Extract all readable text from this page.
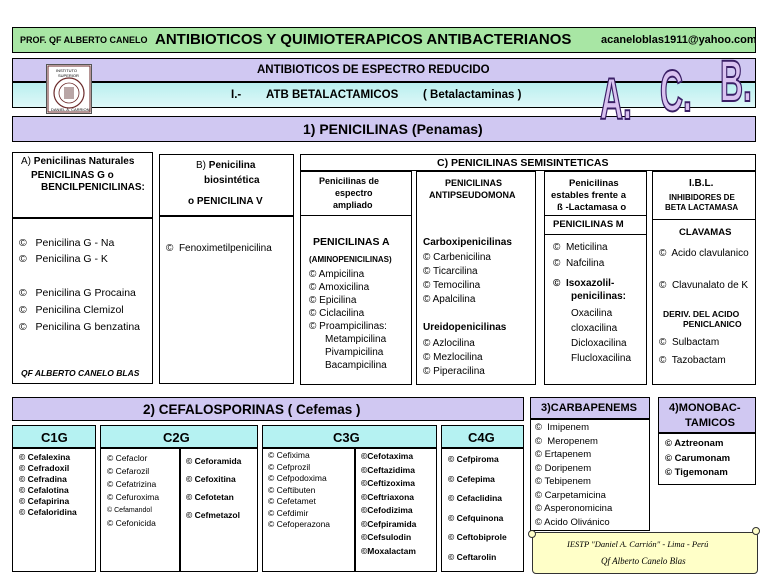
PROF. QF ALBERTO CANELO ANTIBIOTICOS Y QUIMIOTERAPICOS ANTIBACTERIANOS	acaneloblas1911@yahoo.com
ANTIBIOTICOS DE ESPECTRO REDUCIDO
I.- ATB BETALACTAMICOS ( Betalactaminas )
INSTITUTO
SUPERIOR
DANIEL A. CARRION
1) PENICILINAS (Penamas) A. C. B.
A) Penicilinas Naturales
PENICILINAS G o
BENCILPENICILINAS:
© Penicilina G - Na
© Penicilina G - K
© Penicilina G Procaina
© Penicilina Clemizol
© Penicilina G benzatina
QF ALBERTO CANELO BLAS
B) Penicilina
biosintética
o PENICILINA V
© Fenoximetilpenicilina
C) PENICILINAS SEMISINTETICAS
Penicilinas de
espectro
ampliado
PENICILINAS A
(AMINOPENICILINAS)
© Ampicilina
© Amoxicilina
© Epicilina
© Ciclacilina
© Proampicilinas:
Metampicilina
Pivampicilina
Bacampicilina
PENICILINAS
ANTIPSEUDOMONA
Carboxipenicilinas
© Carbenicilina
© Ticarcilina
© Temocilina
© Apalcilina
Ureidopenicilinas
© Azlocilina
© Mezlocilina
© Piperacilina
Penicilinas
estables frente a
ß -Lactamasa o
PENICILINAS M
© Meticilina
© Nafcilina
© Isoxazolil-
penicilinas:
Oxacilina
cloxacilina
Dicloxacilina
Flucloxacilina
I.B.L.
INHIBIDORES DE
BETA LACTAMASA
CLAVAMAS
© Acido clavulanico
© Clavunalato de K
DERIV. DEL ACIDO
PENICLANICO
© Sulbactam
© Tazobactam
2) CEFALOSPORINAS ( Cefemas )
C1G
© Cefalexina
© Cefradoxil
© Cefradina
© Cefalotina
© Cefapirina
© Cefaloridina
C2G
© Cefaclor
© Cefarozil
© Cefatrizina
© Cefuroxima
© Cefamandol
© Cefonicida
© Ceforamida
© Cefoxitina
© Cefotetan
© Cefmetazol
C3G
© Cefixima
© Cefprozil
© Cefpodoxima
© Ceftibuten
© Cefetamet
© Cefdimir
© Cefoperazona
©Cefotaxima
©Ceftazidima
©Ceftizoxima
©Ceftriaxona
©Cefodizima
©Cefpiramida
©Cefsulodin
©Moxalactam
C4G
© Cefpiroma
© Cefepima
© Cefaclidina
© Cefquinona
© Ceftobiprole
© Ceftarolin
3)CARBAPENEMS
© Imipenem
© Meropenem
© Ertapenem
© Doripenem
© Tebipenem
© Carpetamicina
© Asperonomicina
© Acido Olivánico
4)MONOBAC-
TAMICOS
© Aztreonam
© Carumonam
© Tigemonam
IESTP "Daniel A. Carrión" - Lima - Perú
Qf Alberto Canelo Blas
